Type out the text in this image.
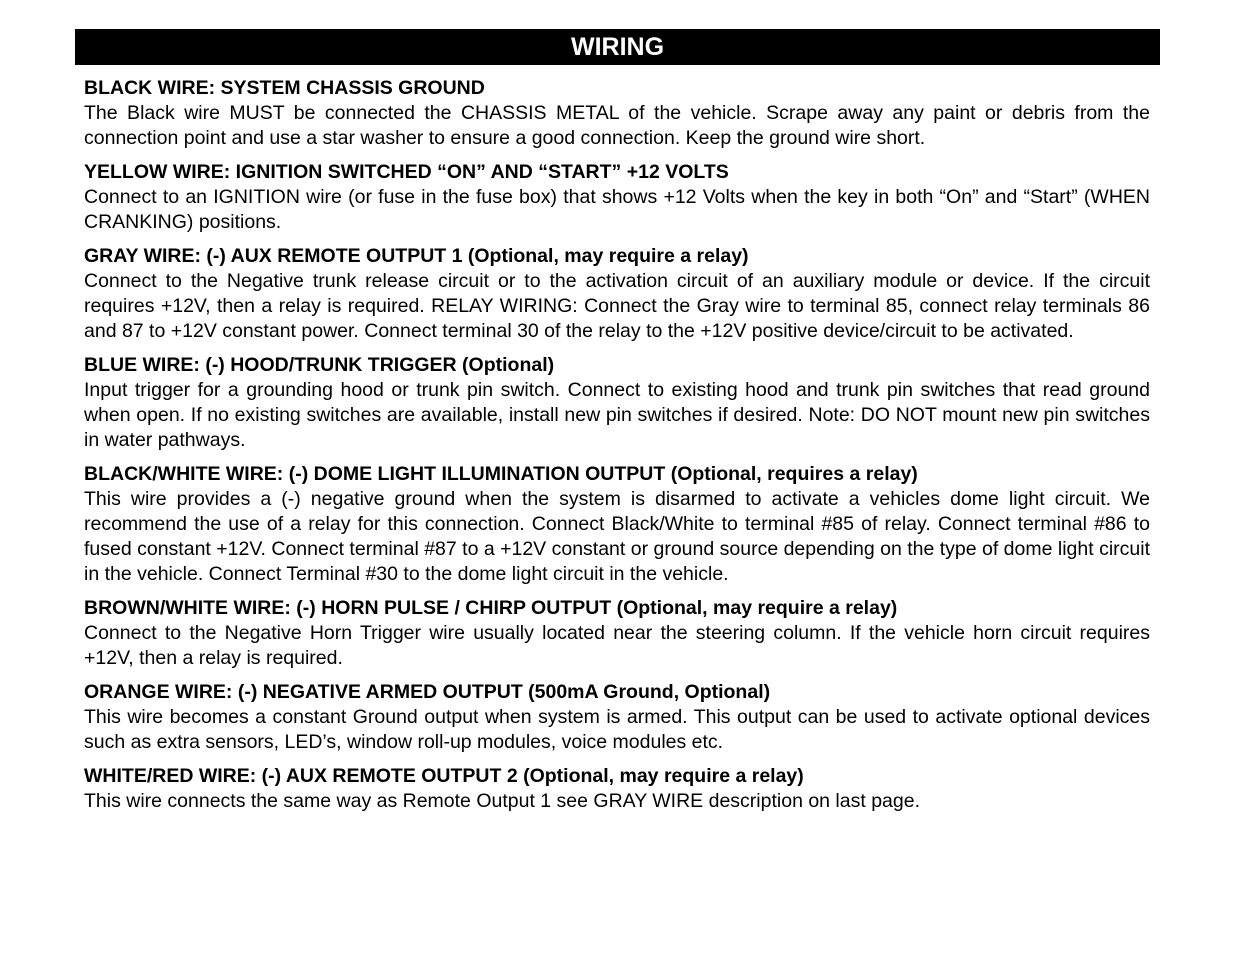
WIRING
BLACK WIRE: SYSTEM CHASSIS GROUND
The Black wire MUST be connected the CHASSIS METAL of the vehicle. Scrape away any paint or debris from the connection point and use a star washer to ensure a good connection. Keep the ground wire short.
YELLOW WIRE: IGNITION SWITCHED “ON” AND “START” +12 VOLTS
Connect to an IGNITION wire (or fuse in the fuse box) that shows +12 Volts when the key in both “On” and “Start” (WHEN CRANKING) positions.
GRAY WIRE: (-) AUX REMOTE OUTPUT 1 (Optional, may require a relay)
Connect to the Negative trunk release circuit or to the activation circuit of an auxiliary module or device. If the circuit requires +12V, then a relay is required. RELAY WIRING: Connect the Gray wire to terminal 85, connect relay terminals 86 and 87 to +12V constant power. Connect terminal 30 of the relay to the +12V positive device/circuit to be activated.
BLUE WIRE: (-) HOOD/TRUNK TRIGGER (Optional)
Input trigger for a grounding hood or trunk pin switch. Connect to existing hood and trunk pin switches that read ground when open. If no existing switches are available, install new pin switches if desired. Note: DO NOT mount new pin switches in water pathways.
BLACK/WHITE WIRE: (-) DOME LIGHT ILLUMINATION OUTPUT (Optional, requires a relay)
This wire provides a (-) negative ground when the system is disarmed to activate a vehicles dome light circuit. We recommend the use of a relay for this connection. Connect Black/White to terminal #85 of relay. Connect terminal #86 to fused constant +12V. Connect terminal #87 to a +12V constant or ground source depending on the type of dome light circuit in the vehicle. Connect Terminal #30 to the dome light circuit in the vehicle.
BROWN/WHITE WIRE: (-) HORN PULSE / CHIRP OUTPUT (Optional, may require a relay)
Connect to the Negative Horn Trigger wire usually located near the steering column. If the vehicle horn circuit requires +12V, then a relay is required.
ORANGE WIRE: (-) NEGATIVE ARMED OUTPUT (500mA Ground, Optional)
This wire becomes a constant Ground output when system is armed. This output can be used to activate optional devices such as extra sensors, LED’s, window roll-up modules, voice modules etc.
WHITE/RED WIRE: (-) AUX REMOTE OUTPUT 2 (Optional, may require a relay)
This wire connects the same way as Remote Output 1 see GRAY WIRE description on last page.
